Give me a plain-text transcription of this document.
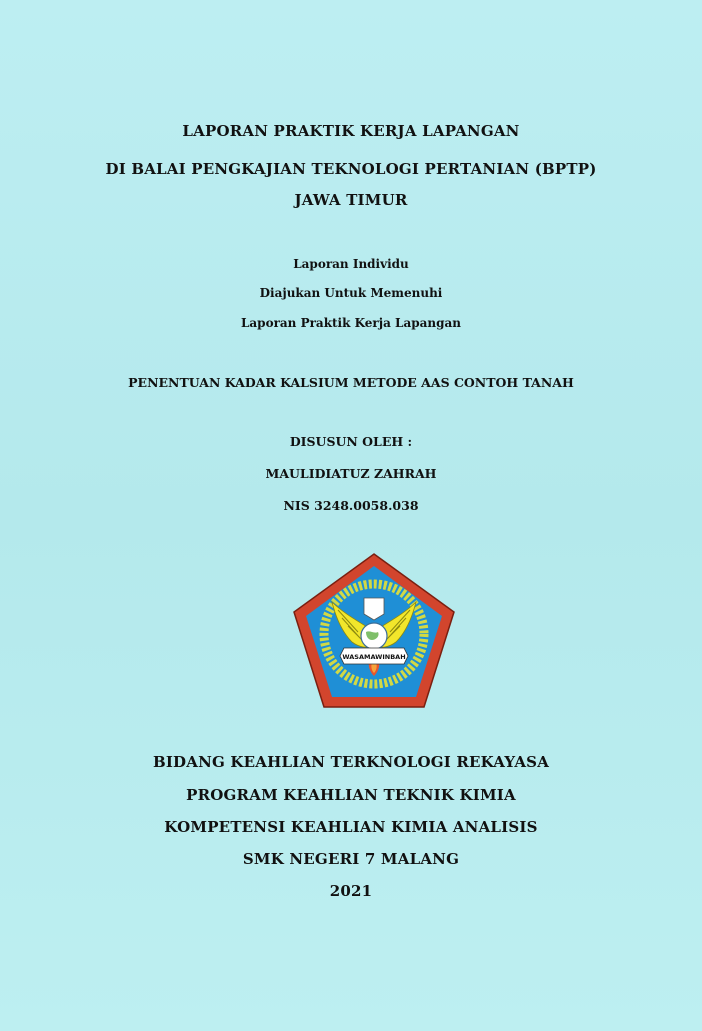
LAPORAN PRAKTIK KERJA LAPANGAN

DI BALAI PENGKAJIAN TEKNOLOGI PERTANIAN (BPTP)

JAWA TIMUR

Laporan Individu

Diajukan Untuk Memenuhi

Laporan Praktik Kerja Lapangan

PENENTUAN KADAR KALSIUM METODE AAS CONTOH TANAH

DISUSUN OLEH :

MAULIDIATUZ ZAHRAH

NIS 3248.0058.038

WASAMAWINBAH

BIDANG KEAHLIAN TERKNOLOGI REKAYASA

PROGRAM KEAHLIAN TEKNIK KIMIA

KOMPETENSI KEAHLIAN KIMIA ANALISIS

SMK NEGERI 7 MALANG

2021
